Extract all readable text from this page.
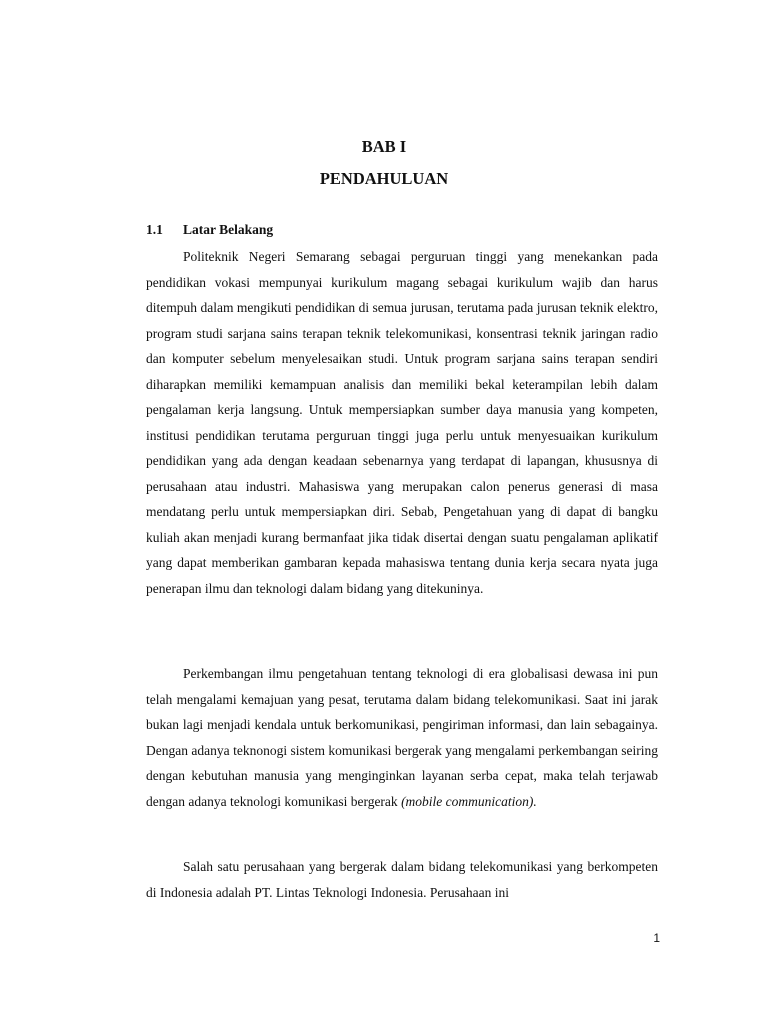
BAB I
PENDAHULUAN
1.1 Latar Belakang

Politeknik Negeri Semarang sebagai perguruan tinggi yang menekankan pada pendidikan vokasi mempunyai kurikulum magang sebagai kurikulum wajib dan harus ditempuh dalam mengikuti pendidikan di semua jurusan, terutama pada jurusan teknik elektro, program studi sarjana sains terapan teknik telekomunikasi, konsentrasi teknik jaringan radio dan komputer sebelum menyelesaikan studi. Untuk program sarjana sains terapan sendiri diharapkan memiliki kemampuan analisis dan memiliki bekal keterampilan lebih dalam pengalaman kerja langsung. Untuk mempersiapkan sumber daya manusia yang kompeten, institusi pendidikan terutama perguruan tinggi juga perlu untuk menyesuaikan kurikulum pendidikan yang ada dengan keadaan sebenarnya yang terdapat di lapangan, khususnya di perusahaan atau industri. Mahasiswa yang merupakan calon penerus generasi di masa mendatang perlu untuk mempersiapkan diri. Sebab, Pengetahuan yang di dapat di bangku kuliah akan menjadi kurang bermanfaat jika tidak disertai dengan suatu pengalaman aplikatif yang dapat memberikan gambaran kepada mahasiswa tentang dunia kerja secara nyata juga penerapan ilmu dan teknologi dalam bidang yang ditekuninya.

Perkembangan ilmu pengetahuan tentang teknologi di era globalisasi dewasa ini pun telah mengalami kemajuan yang pesat, terutama dalam bidang telekomunikasi. Saat ini jarak bukan lagi menjadi kendala untuk berkomunikasi, pengiriman informasi, dan lain sebagainya. Dengan adanya teknonogi sistem komunikasi bergerak yang mengalami perkembangan seiring dengan kebutuhan manusia yang menginginkan layanan serba cepat, maka telah terjawab dengan adanya teknologi komunikasi bergerak (mobile communication).

Salah satu perusahaan yang bergerak dalam bidang telekomunikasi yang berkompeten di Indonesia adalah PT. Lintas Teknologi Indonesia. Perusahaan ini

1
